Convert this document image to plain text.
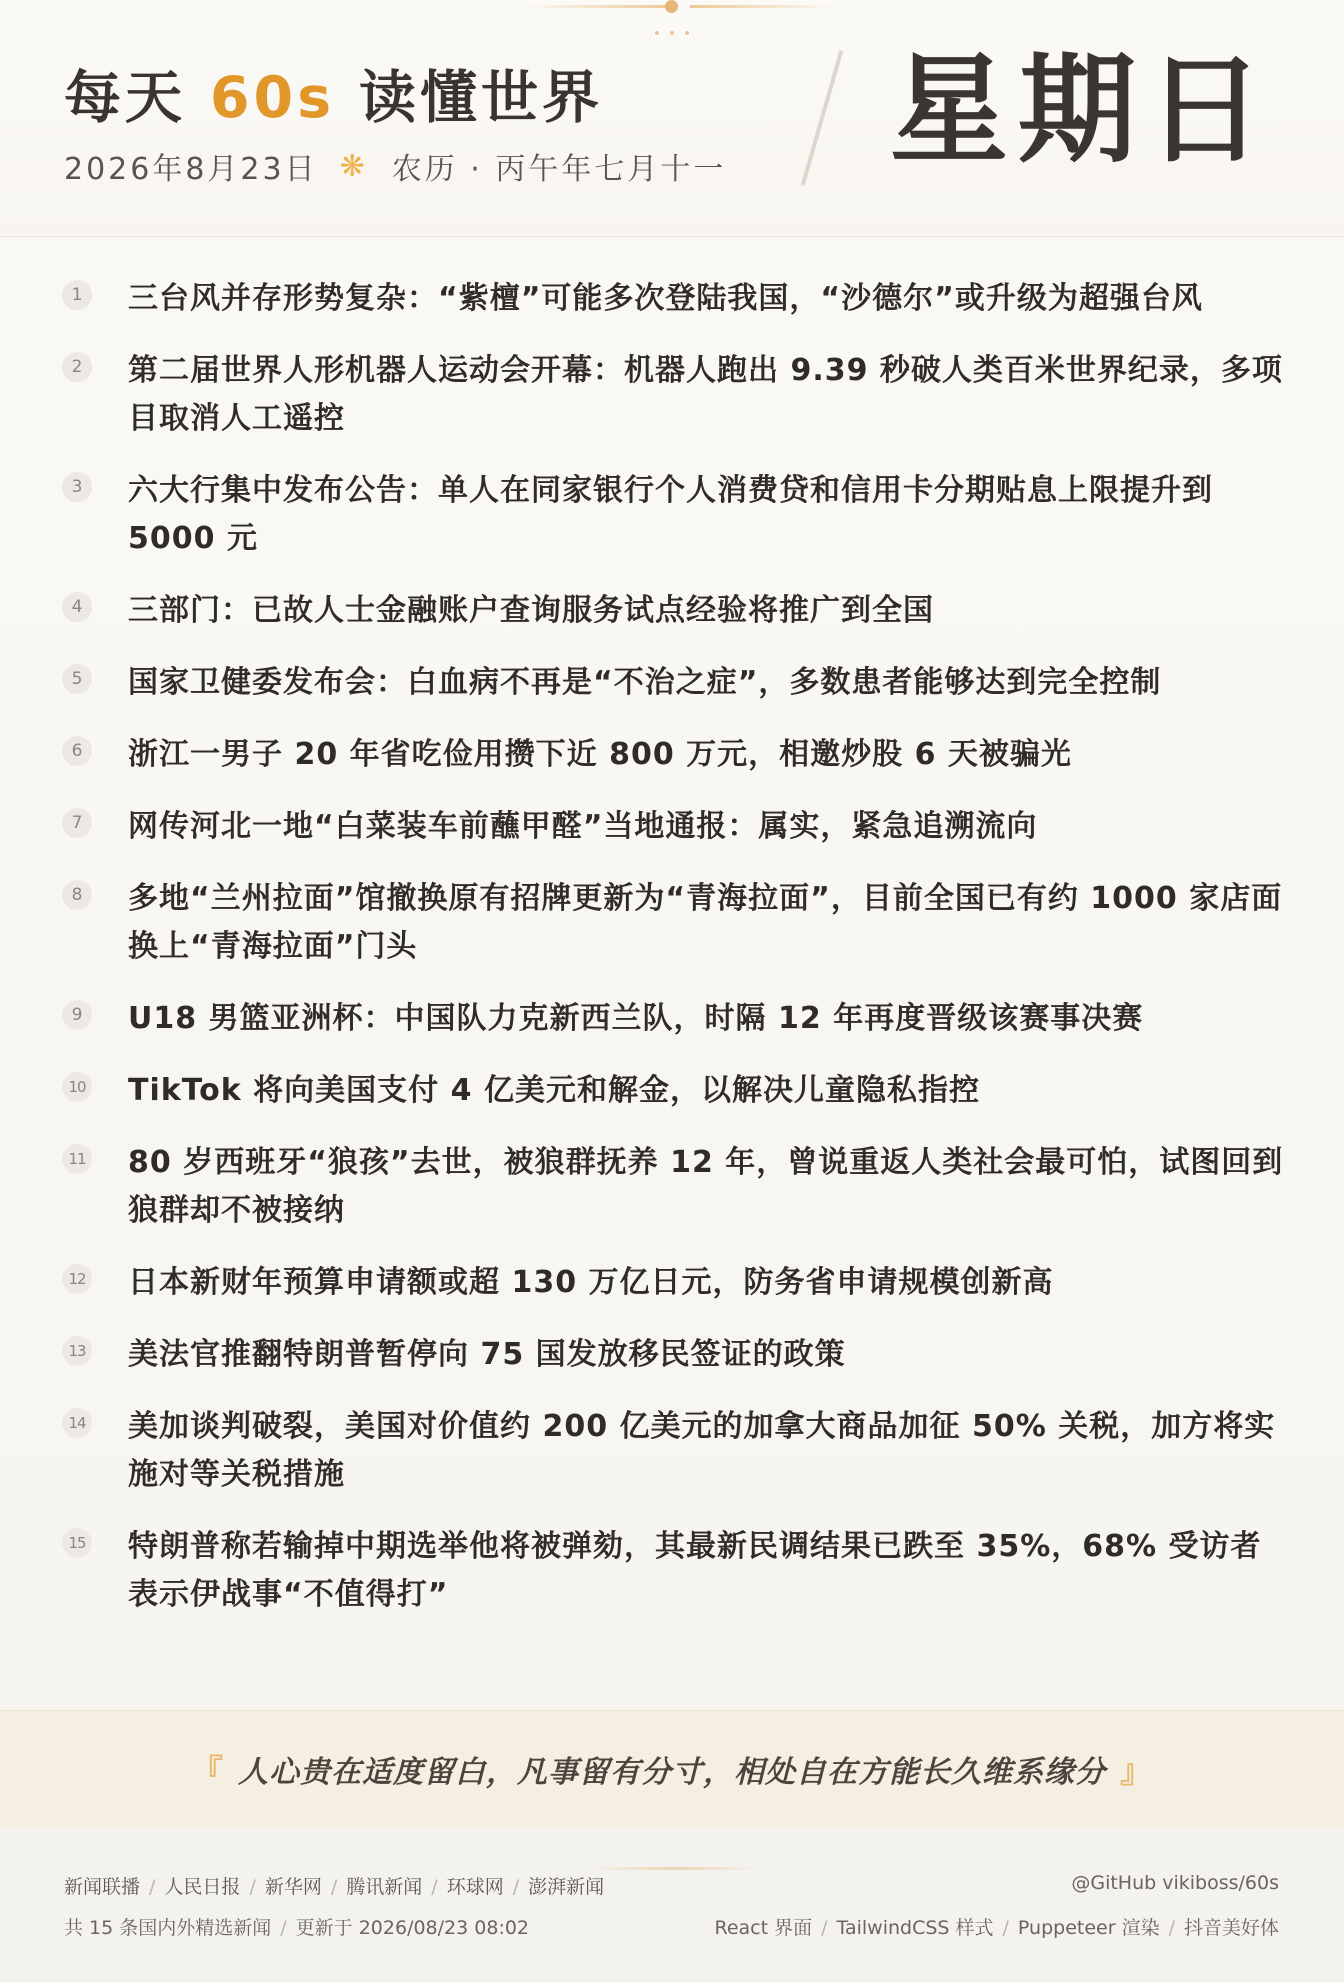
每天 60s 读懂世界
2026年8月23日 ❋ 农历 · 丙午年七月十一 星期日
1	三台风并存形势复杂：“紫檀”可能多次登陆我国，“沙德尔”或升级为超强台风
2	第二届世界人形机器人运动会开幕：机器人跑出 9.39 秒破人类百米世界纪录，多项目取消人工遥控
3	六大行集中发布公告：单人在同家银行个人消费贷和信用卡分期贴息上限提升到 5000 元
4	三部门：已故人士金融账户查询服务试点经验将推广到全国
5	国家卫健委发布会：白血病不再是“不治之症”，多数患者能够达到完全控制
6	浙江一男子 20 年省吃俭用攒下近 800 万元，相邀炒股 6 天被骗光
7	网传河北一地“白菜装车前蘸甲醛”当地通报：属实，紧急追溯流向
8	多地“兰州拉面”馆撤换原有招牌更新为“青海拉面”，目前全国已有约 1000 家店面换上“青海拉面”门头
9	U18 男篮亚洲杯：中国队力克新西兰队，时隔 12 年再度晋级该赛事决赛
10 TikTok 将向美国支付 4 亿美元和解金，以解决儿童隐私指控
11 80 岁西班牙“狼孩”去世，被狼群抚养 12 年，曾说重返人类社会最可怕，试图回到狼群却不被接纳
12 日本新财年预算申请额或超 130 万亿日元，防务省申请规模创新高
13 美法官推翻特朗普暂停向 75 国发放移民签证的政策
14 美加谈判破裂，美国对价值约 200 亿美元的加拿大商品加征 50% 关税，加方将实施对等关税措施
15 特朗普称若输掉中期选举他将被弹劾，其最新民调结果已跌至 35%，68% 受访者表示伊战事“不值得打”
『 人心贵在适度留白，凡事留有分寸，相处自在方能长久维系缘分 』
新闻联播 / 人民日报 / 新华网 / 腾讯新闻 / 环球网 / 澎湃新闻
共 15 条国内外精选新闻 / 更新于 2026/08/23 08:02
@GitHub vikiboss/60s
React 界面 / TailwindCSS 样式 / Puppeteer 渲染 / 抖音美好体
